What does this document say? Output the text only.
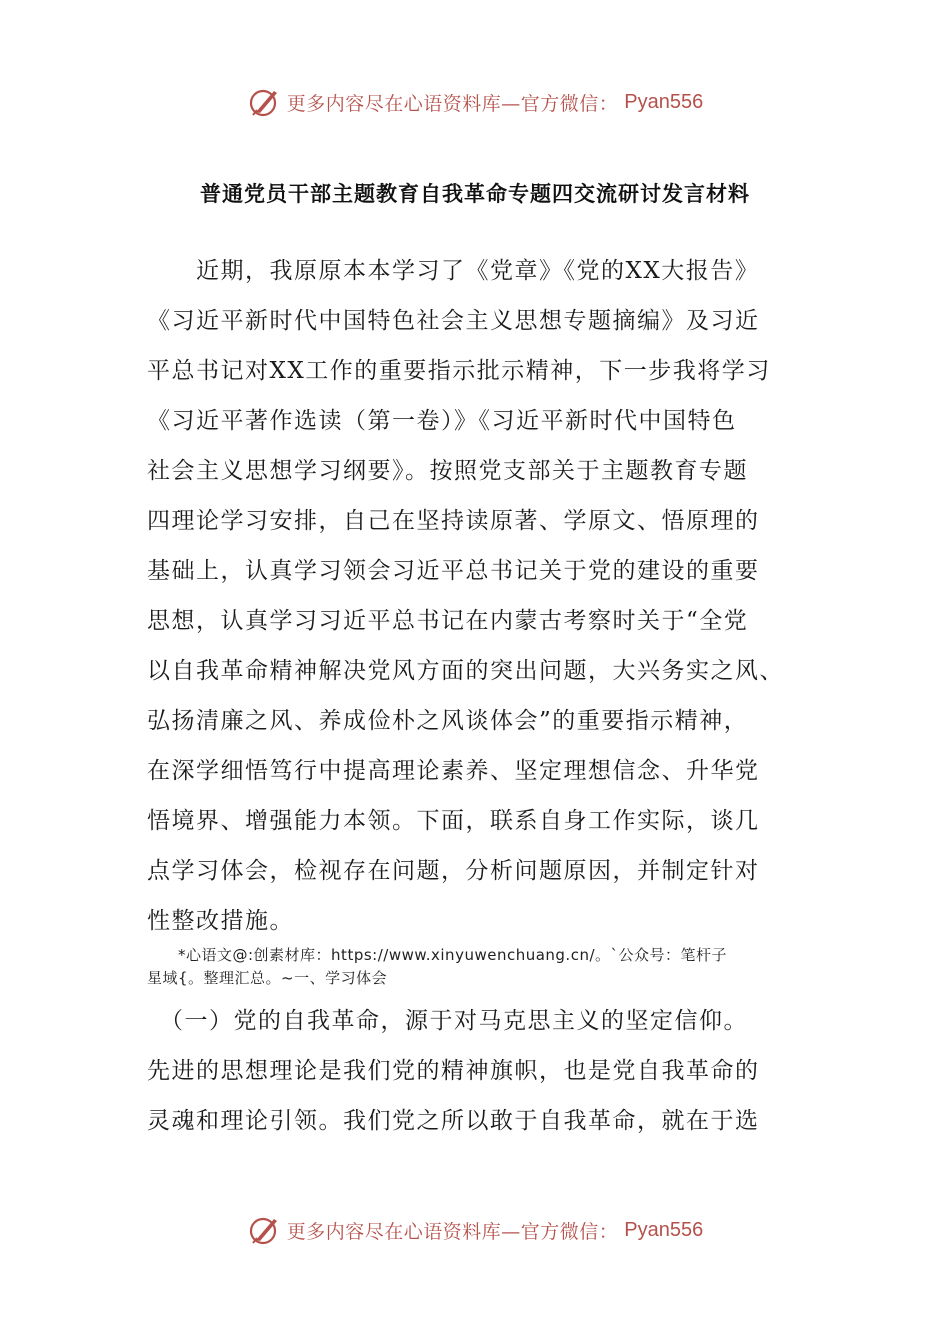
更多内容尽在心语资料库—官方微信： Pyan556
普通党员干部主题教育自我革命专题四交流研讨发言材料
　　近期，我原原本本学习了《党章》《党的XX大报告》
《习近平新时代中国特色社会主义思想专题摘编》及习近
平总书记对XX工作的重要指示批示精神，下一步我将学习
《习近平著作选读（第一卷）》《习近平新时代中国特色
社会主义思想学习纲要》。按照党支部关于主题教育专题
四理论学习安排，自己在坚持读原著、学原文、悟原理的
基础上，认真学习领会习近平总书记关于党的建设的重要
思想，认真学习习近平总书记在内蒙古考察时关于“全党
以自我革命精神解决党风方面的突出问题，大兴务实之风、
弘扬清廉之风、养成俭朴之风谈体会”的重要指示精神，
在深学细悟笃行中提高理论素养、坚定理想信念、升华党
悟境界、增强能力本领。下面，联系自身工作实际，谈几
点学习体会，检视存在问题，分析问题原因，并制定针对
性整改措施。
　　*心语文@:创素材库：https://www.xinyuwenchuang.cn/。`公众号：笔杆子
星域{。整理汇总。~一、学习体会
　（一）党的自我革命，源于对马克思主义的坚定信仰。
先进的思想理论是我们党的精神旗帜，也是党自我革命的
灵魂和理论引领。我们党之所以敢于自我革命，就在于选
更多内容尽在心语资料库—官方微信： Pyan556
